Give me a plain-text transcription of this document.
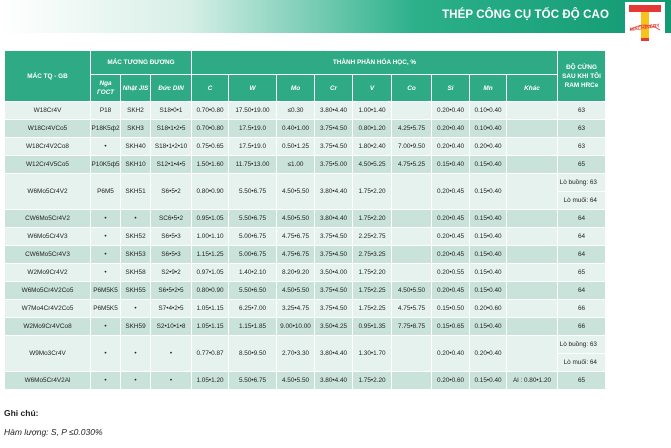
THÉP CÔNG CỤ TỐC ĐỘ CAO
MACHINERY
MÁC TQ - GB	MÁC TƯƠNG ĐƯƠNG			THÀNH PHẦN HÓA HỌC, %									ĐỘ CỨNG SAU KHI TÔI RAM HRCe
	Nga ГОСТ	Nhật JIS	Đức DIN	C	W	Mo	Cr	V	Co	Si	Mn	Khác	
W18Cr4V	P18	SKH2	S18•0•1	0.70•0.80	17.50•19.00	≤0.30	3.80•4.40	1.00•1.40		0.20•0.40	0.10•0.40		63
W18Cr4VCo5	P18K5ф2	SKH3	S18•1•2•5	0.70•0.80	17.5•19.0	0.40•1.00	3.75•4.50	0.80•1.20	4.25•5.75	0.20•0.40	0.10•0.40		63
W18Cr4V2Co8	•	SKH40	S18•1•2•10	0.75•0.65	17.5•19.0	0.50•1.25	3.75•4.50	1.80•2.40	7.00•9.50	0.20•0.40	0.20•0.40		63
W12Cr4V5Co5	P10K5ф5	SKH10	S12•1•4•5	1.50•1.60	11.75•13.00	≤1.00	3.75•5.00	4.50•5.25	4.75•5.25	0.15•0.40	0.15•0.40		65
W6Mo5Cr4V2	P6M5	SKH51	S6•5•2	0.80•0.90	5.50•6.75	4.50•5.50	3.80•4.40	1.75•2.20		0.20•0.45	0.15•0.40		Lò buồng: 63
Lò muối: 64

CW6Mo5Cr4V2	•	•	SC6•5•2	0.95•1.05	5.50•6.75	4.50•5.50	3.80•4.40	1.75•2.20		0.20•0.45	0.15•0.40		64
W6Mo5Cr4V3	•	SKH52	S6•5•3	1.00•1.10	5.00•6.75	4.75•6.75	3.75•4.50	2.25•2.75		0.20•0.45	0.15•0.40		64
CW6Mo5Cr4V3	•	SKH53	S6•5•3	1.15•1.25	5.00•6.75	4.75•6.75	3.75•4.50	2.75•3.25		0.20•0.45	0.15•0.40		64
W2Mo9Cr4V2	•	SKH58	S2•9•2	0.97•1.05	1.40•2.10	8.20•9.20	3.50•4.00	1.75•2.20		0.20•0.55	0.15•0.40		65
W6Mo5Cr4V2Co5	P6M5K5	SKH55	S6•5•2•5	0.80•0.90	5.50•6.50	4.50•5.50	3.75•4.50	1.75•2.25	4.50•5.50	0.20•0.45	0.15•0.40		64
W7Mo4Cr4V2Co5	P6M5K5	•	S7•4•2•5	1.05•1.15	6.25•7.00	3.25•4.75	3.75•4.50	1.75•2.25	4.75•5.75	0.15•0.50	0.20•0.60		66
W2Mo9Cr4VCo8	•	SKH59	S2•10•1•8	1.05•1.15	1.15•1.85	9.00•10.00	3.50•4.25	0.95•1.35	7.75•8.75	0.15•0.65	0.15•0.40		66
W9Mo3Cr4V	•	•	•	0.77•0.87	8.50•9.50	2.70•3.30	3.80•4.40	1.30•1.70		0.20•0.40	0.20•0.40		Lò buồng: 63
Lò muối: 64

W6Mo5Cr4V2Al	•	•	•	1.05•1.20	5.50•6.75	4.50•5.50	3.80•4.40	1.75•2.20		0.20•0.60	0.15•0.40	Al : 0.80•1.20	65
Ghi chú:
Hàm lượng: S, P ≤0.030%
